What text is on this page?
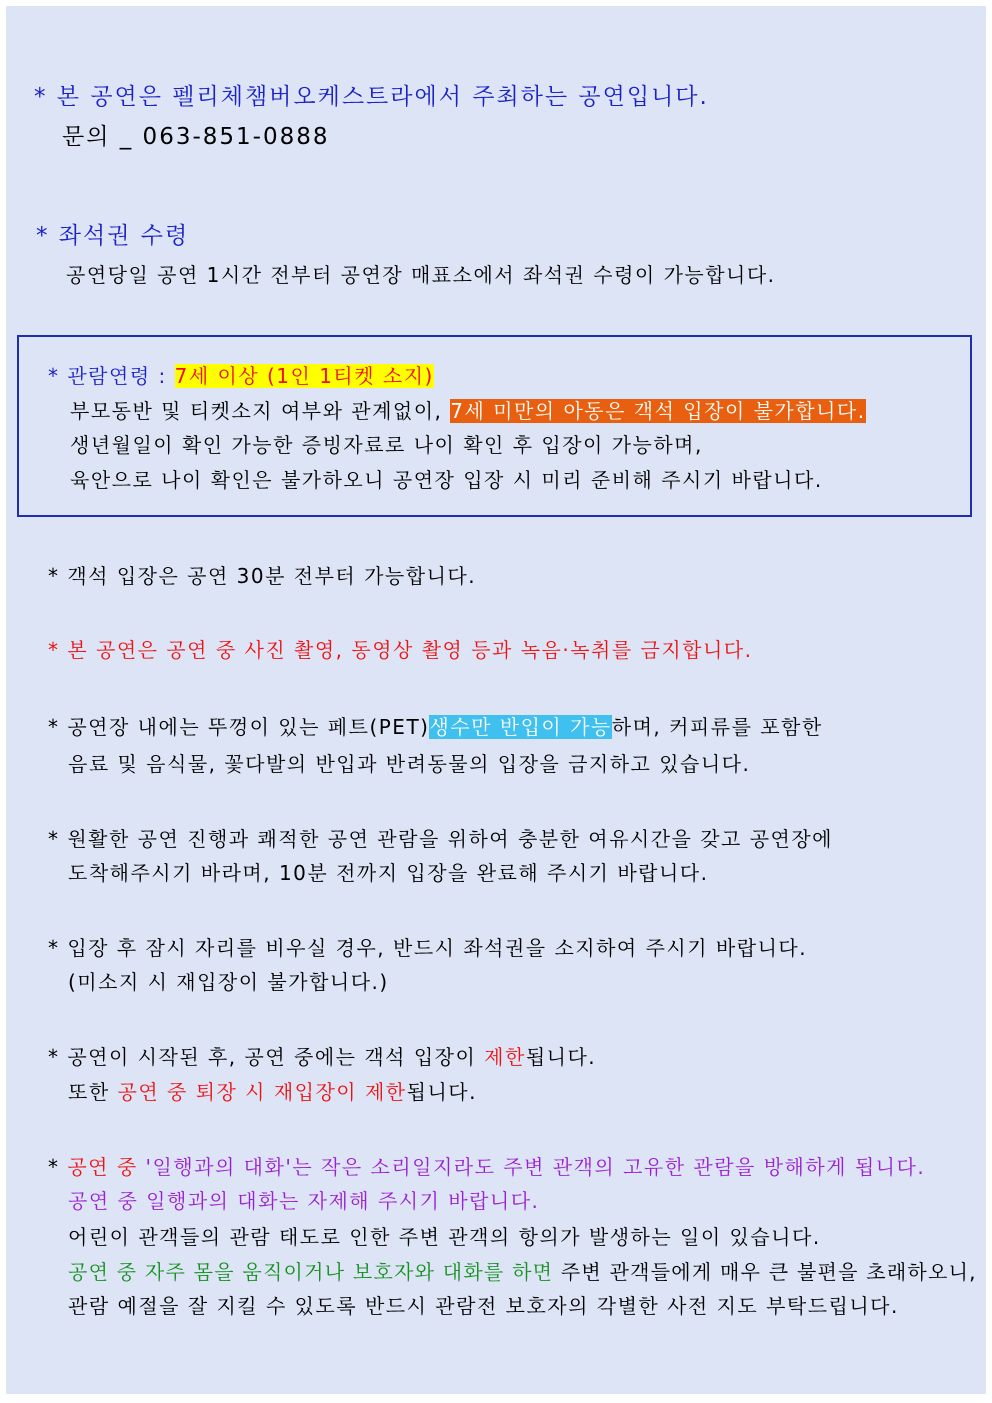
* 본 공연은 펠리체챔버오케스트라에서 주최하는 공연입니다.
문의 _ 063-851-0888
* 좌석권 수령
공연당일 공연 1시간 전부터 공연장 매표소에서 좌석권 수령이 가능합니다.
* 관람연령 : 7세 이상 (1인 1티켓 소지)
부모동반 및 티켓소지 여부와 관계없이, 7세 미만의 아동은 객석 입장이 불가합니다.
생년월일이 확인 가능한 증빙자료로 나이 확인 후 입장이 가능하며,
육안으로 나이 확인은 불가하오니 공연장 입장 시 미리 준비해 주시기 바랍니다.
* 객석 입장은 공연 30분 전부터 가능합니다.
* 본 공연은 공연 중 사진 촬영, 동영상 촬영 등과 녹음·녹취를 금지합니다.
* 공연장 내에는 뚜껑이 있는 페트(PET)생수만 반입이 가능하며, 커피류를 포함한
음료 및 음식물, 꽃다발의 반입과 반려동물의 입장을 금지하고 있습니다.
* 원활한 공연 진행과 쾌적한 공연 관람을 위하여 충분한 여유시간을 갖고 공연장에
도착해주시기 바라며, 10분 전까지 입장을 완료해 주시기 바랍니다.
* 입장 후 잠시 자리를 비우실 경우, 반드시 좌석권을 소지하여 주시기 바랍니다.
(미소지 시 재입장이 불가합니다.)
* 공연이 시작된 후, 공연 중에는 객석 입장이 제한됩니다.
또한 공연 중 퇴장 시 재입장이 제한됩니다.
* 공연 중 '일행과의 대화'는 작은 소리일지라도 주변 관객의 고유한 관람을 방해하게 됩니다.
공연 중 일행과의 대화는 자제해 주시기 바랍니다.
어린이 관객들의 관람 태도로 인한 주변 관객의 항의가 발생하는 일이 있습니다.
공연 중 자주 몸을 움직이거나 보호자와 대화를 하면 주변 관객들에게 매우 큰 불편을 초래하오니,
관람 예절을 잘 지킬 수 있도록 반드시 관람전 보호자의 각별한 사전 지도 부탁드립니다.
